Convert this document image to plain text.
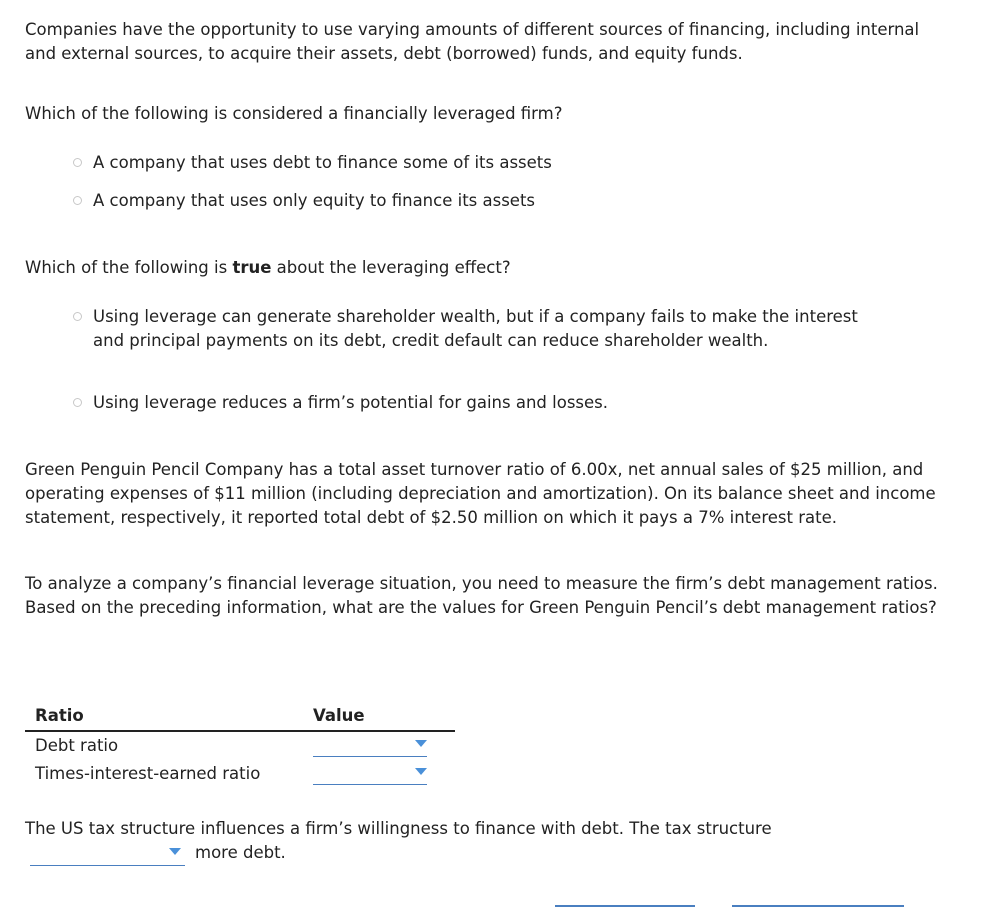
Companies have the opportunity to use varying amounts of different sources of financing, including internal and external sources, to acquire their assets, debt (borrowed) funds, and equity funds.

Which of the following is considered a financially leveraged firm?

A company that uses debt to finance some of its assets
A company that uses only equity to finance its assets

Which of the following is true about the leveraging effect?

Using leverage can generate shareholder wealth, but if a company fails to make the interest and principal payments on its debt, credit default can reduce shareholder wealth.
Using leverage reduces a firm’s potential for gains and losses.

Green Penguin Pencil Company has a total asset turnover ratio of 6.00x, net annual sales of $25 million, and operating expenses of $11 million (including depreciation and amortization). On its balance sheet and income statement, respectively, it reported total debt of $2.50 million on which it pays a 7% interest rate.

To analyze a company’s financial leverage situation, you need to measure the firm’s debt management ratios. Based on the preceding information, what are the values for Green Penguin Pencil’s debt management ratios?

Ratio	Value
Debt ratio	

Times-interest-earned ratio	

The US tax structure influences a firm’s willingness to finance with debt. The tax structure

more debt.
